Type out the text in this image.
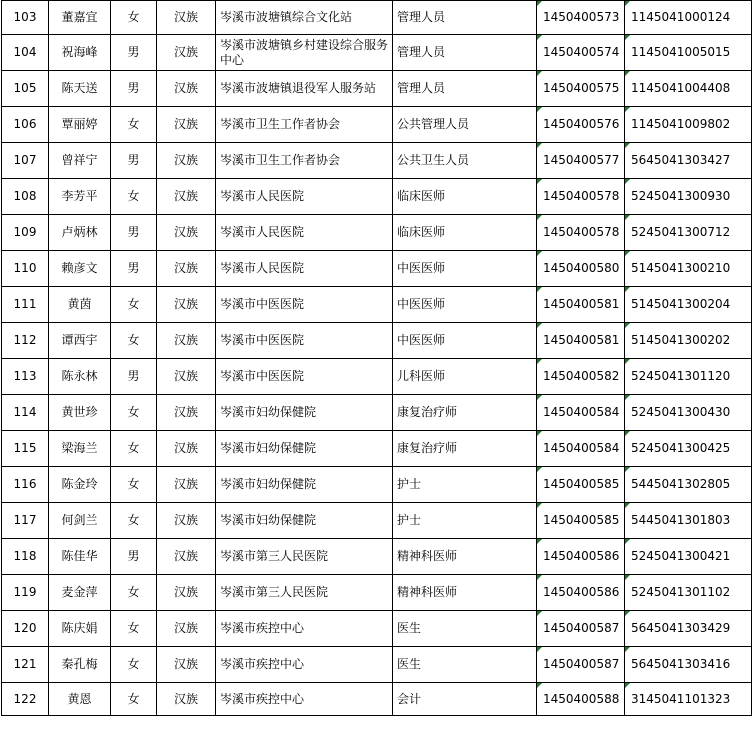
103	董嘉宜	女	汉族	岑溪市波塘镇综合文化站	管理人员	1450400573	1145041000124
104	祝海峰	男	汉族	岑溪市波塘镇乡村建设综合服务中心	管理人员	1450400574	1145041005015
105	陈天送	男	汉族	岑溪市波塘镇退役军人服务站	管理人员	1450400575	1145041004408
106	覃丽婷	女	汉族	岑溪市卫生工作者协会	公共管理人员	1450400576	1145041009802
107	曾祥宁	男	汉族	岑溪市卫生工作者协会	公共卫生人员	1450400577	5645041303427
108	李芳平	女	汉族	岑溪市人民医院	临床医师	1450400578	5245041300930
109	卢炳林	男	汉族	岑溪市人民医院	临床医师	1450400578	5245041300712
110	赖彦文	男	汉族	岑溪市人民医院	中医医师	1450400580	5145041300210
111	黄茵	女	汉族	岑溪市中医医院	中医医师	1450400581	5145041300204
112	谭西宇	女	汉族	岑溪市中医医院	中医医师	1450400581	5145041300202
113	陈永林	男	汉族	岑溪市中医医院	儿科医师	1450400582	5245041301120
114	黄世珍	女	汉族	岑溪市妇幼保健院	康复治疗师	1450400584	5245041300430
115	梁海兰	女	汉族	岑溪市妇幼保健院	康复治疗师	1450400584	5245041300425
116	陈金玲	女	汉族	岑溪市妇幼保健院	护士	1450400585	5445041302805
117	何剑兰	女	汉族	岑溪市妇幼保健院	护士	1450400585	5445041301803
118	陈佳华	男	汉族	岑溪市第三人民医院	精神科医师	1450400586	5245041300421
119	麦金萍	女	汉族	岑溪市第三人民医院	精神科医师	1450400586	5245041301102
120	陈庆娟	女	汉族	岑溪市疾控中心	医生	1450400587	5645041303429
121	秦孔梅	女	汉族	岑溪市疾控中心	医生	1450400587	5645041303416
122	黄恩	女	汉族	岑溪市疾控中心	会计	1450400588	3145041101323
